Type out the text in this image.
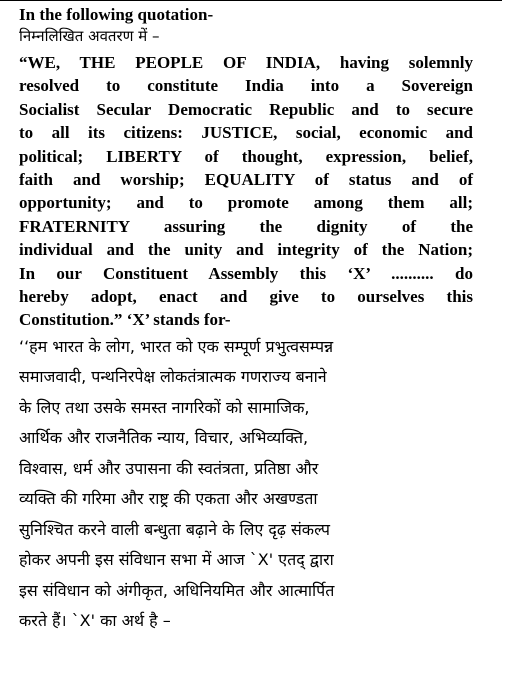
In the following quotation-

निम्नलिखित अवतरण में –

“WE, THE PEOPLE OF INDIA, having solemnly
resolved to constitute India into a Sovereign
Socialist Secular Democratic Republic and to secure
to all its citizens: JUSTICE, social, economic and
political; LIBERTY of thought, expression, belief,
faith and worship; EQUALITY of status and of
opportunity; and to promote among them all;
FRATERNITY assuring the dignity of the
individual and the unity and integrity of the Nation;
In our Constituent Assembly this ‘X’ .......... do
hereby adopt, enact and give to ourselves this
Constitution.” ‘X’ stands for-
‘‘हम भारत के लोग, भारत को एक सम्पूर्ण प्रभुत्वसम्पन्न
समाजवादी, पन्थनिरपेक्ष लोकतंत्रात्मक गणराज्य बनाने
के लिए तथा उसके समस्त नागरिकों को सामाजिक,
आर्थिक और राजनैतिक न्याय, विचार, अभिव्यक्ति,
विश्वास, धर्म और उपासना की स्वतंत्रता, प्रतिष्ठा और
व्यक्ति की गरिमा और राष्ट्र की एकता और अखण्डता
सुनिश्चित करने वाली बन्धुता बढ़ाने के लिए दृढ़ संकल्प
होकर अपनी इस संविधान सभा में आज `X' एतद् द्वारा
इस संविधान को अंगीकृत, अधिनियमित और आत्मार्पित
करते हैं। `X' का अर्थ है –
